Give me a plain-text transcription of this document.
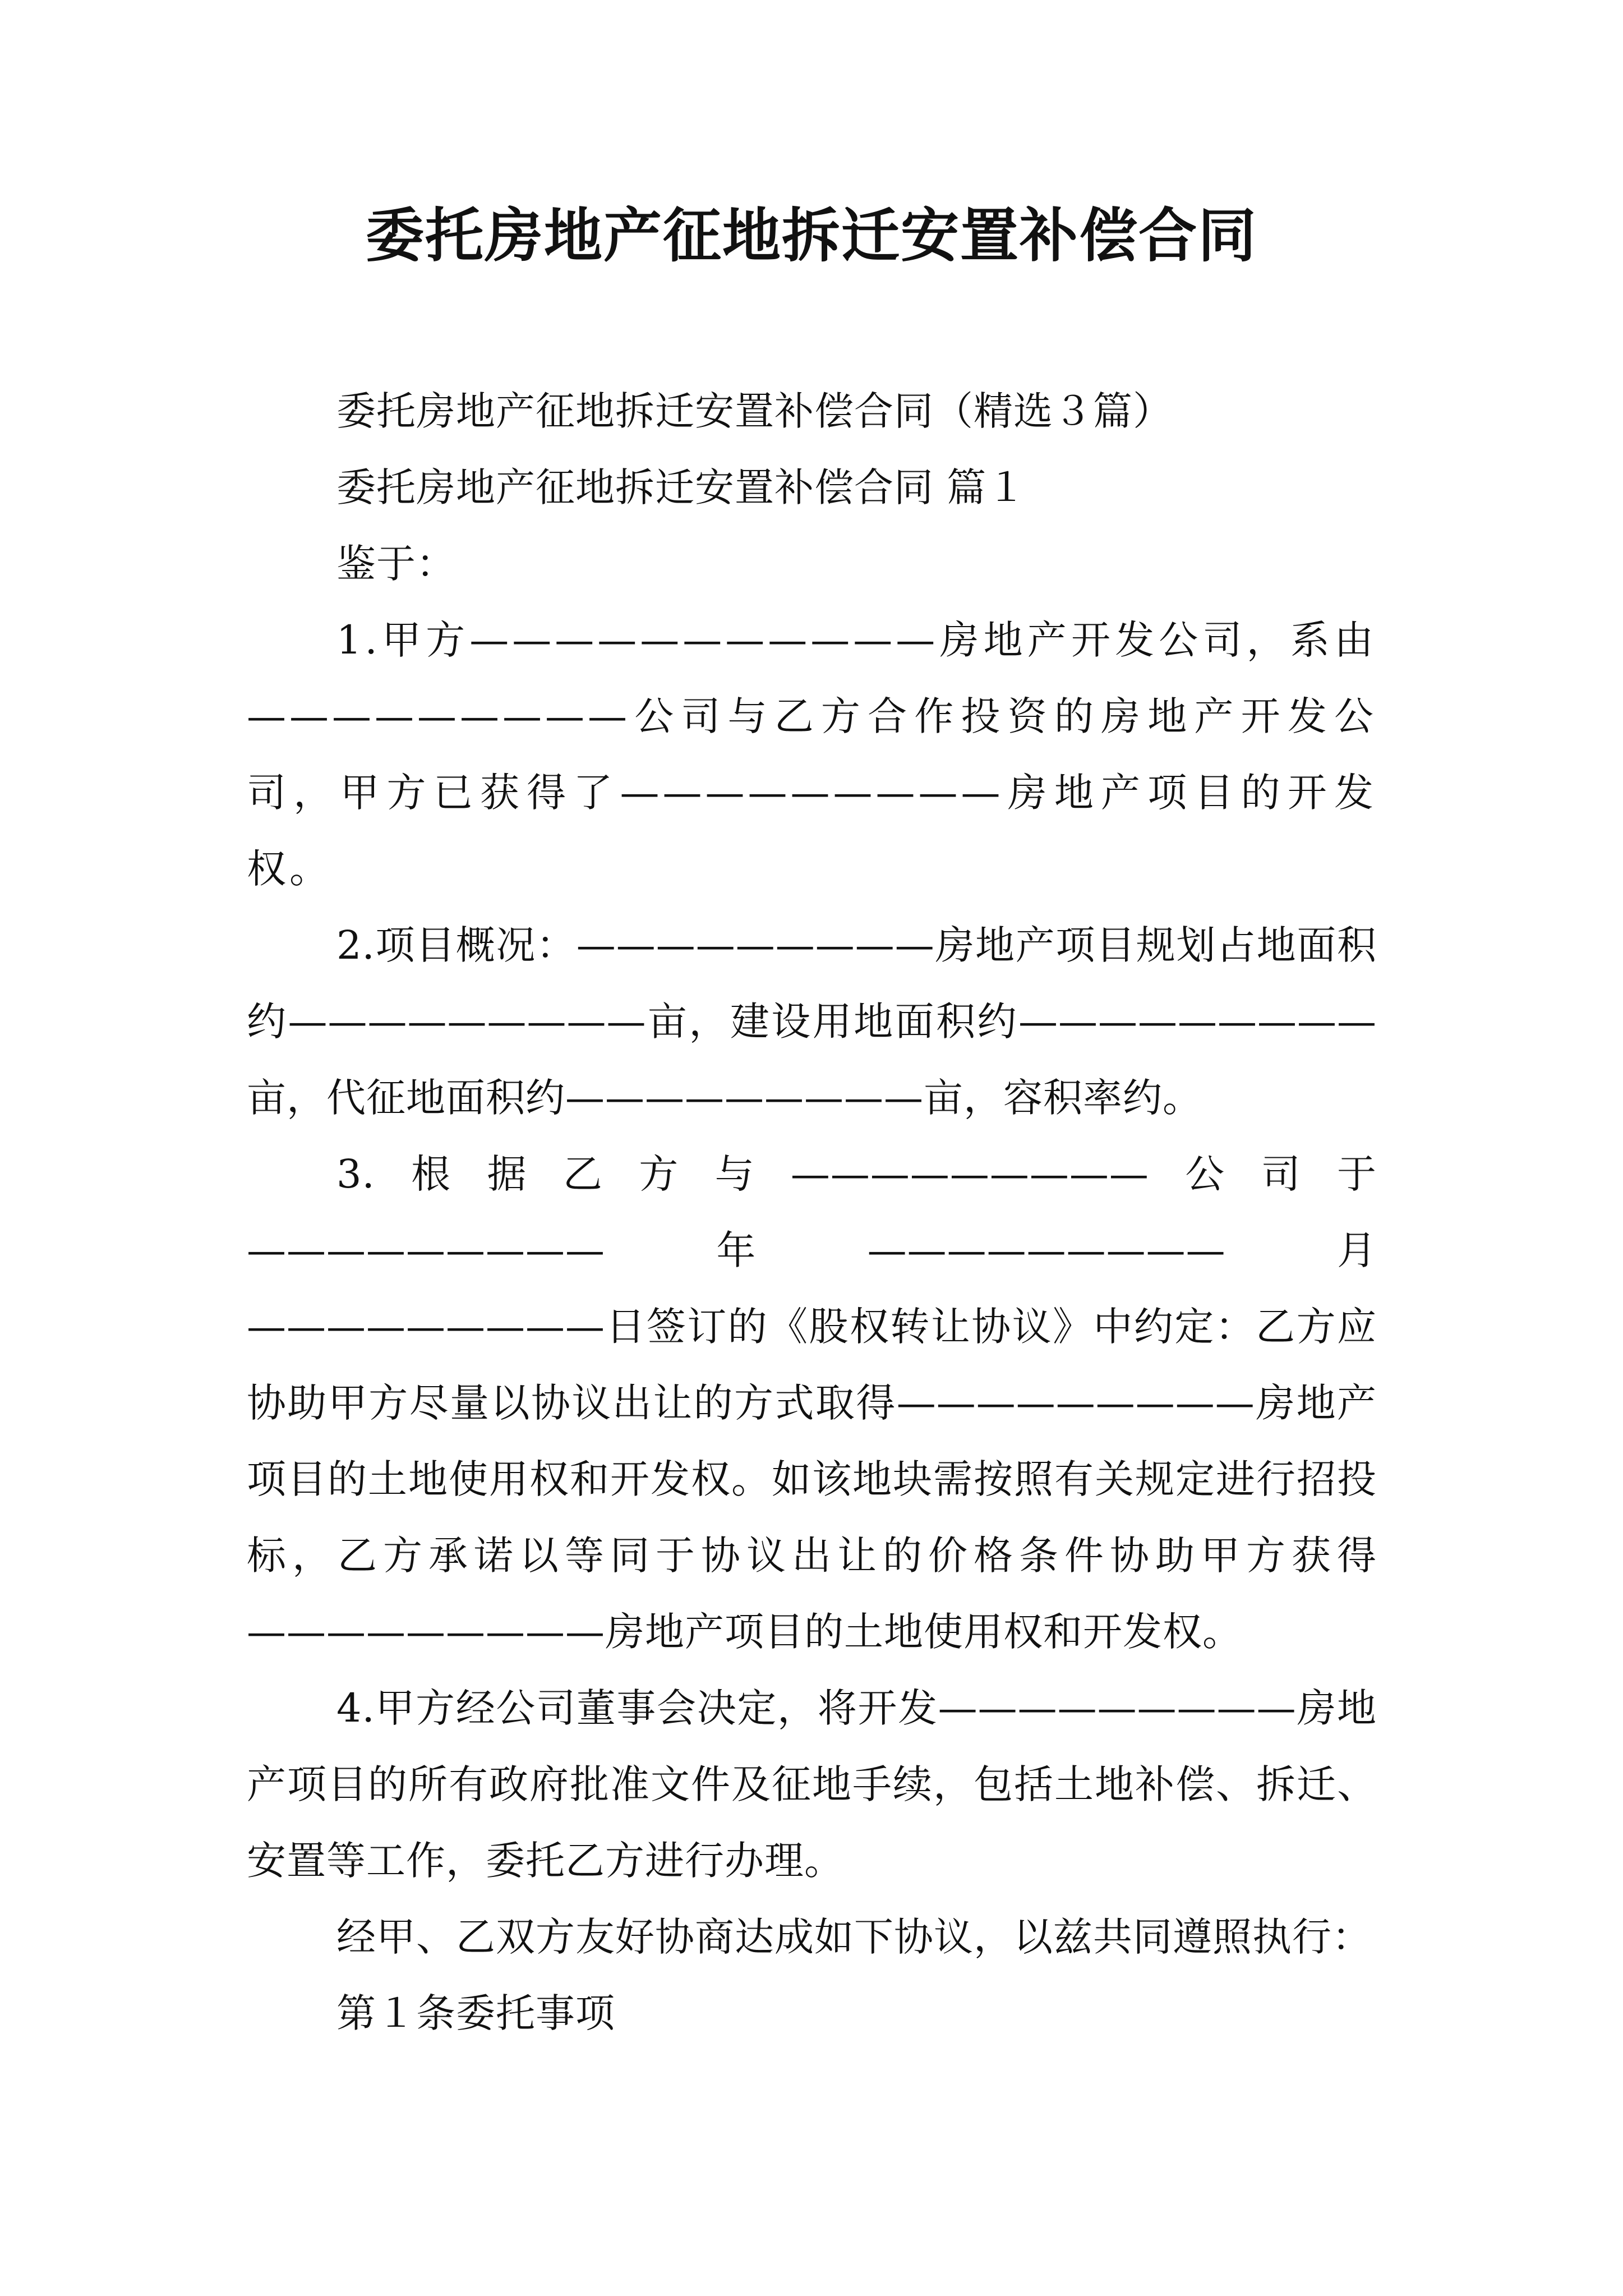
委托房地产征地拆迁安置补偿合同

委托房地产征地拆迁安置补偿合同（精选３篇）

委托房地产征地拆迁安置补偿合同 篇１

鉴于：

1.甲方———————————房地产开发公司，系由—————————公司与乙方合作投资的房地产开发公司，甲方已获得了—————————房地产项目的开发权。

2.项目概况：—————————房地产项目规划占地面积约—————————亩，建设用地面积约—————————亩，代征地面积约—————————亩，容积率约。

3.根据乙方与—————————公司于—————————年—————————月—————————日签订的《股权转让协议》中约定：乙方应协助甲方尽量以协议出让的方式取得—————————房地产项目的土地使用权和开发权。如该地块需按照有关规定进行招投标，乙方承诺以等同于协议出让的价格条件协助甲方获得—————————房地产项目的土地使用权和开发权。

4.甲方经公司董事会决定，将开发—————————房地产项目的所有政府批准文件及征地手续，包括土地补偿、拆迁、安置等工作，委托乙方进行办理。

经甲、乙双方友好协商达成如下协议，以兹共同遵照执行：

第１条委托事项
